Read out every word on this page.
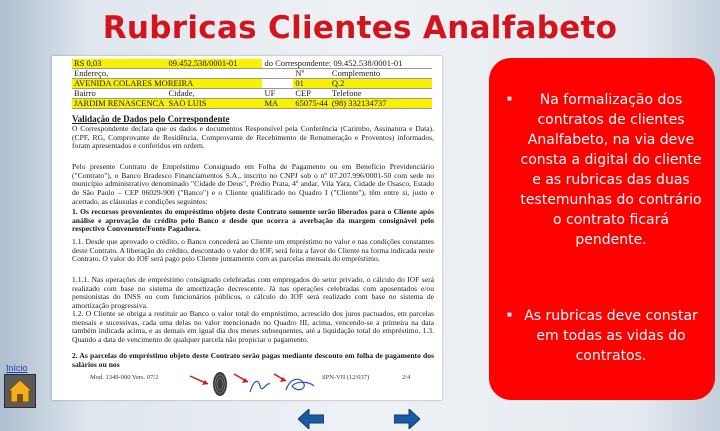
Rubricas Clientes Analfabeto
RS 0,03	09.452.538/0001-01	do Correspondente: 09.452.538/0001-01		
Endereço,			Nº	Complemento
AVENIDA COLARES MOREIRA			01	Q.2
Bairro	Cidade,	UF	CEP	Telefone
JARDIM RENASCENCA	SAO LUIS	MA	65075-44	(98) 332134737
Validação de Dados pelo Correspondente
O Correspondente declara que os dados e documentos Responsível pela Conferência (Carimbo, Assinatura e Data). (CPF, RG, Comprovante de Residência, Comprovante de Recebimento de Renumeração e Proventos) informados, foram apresentados e conferidos em ordem.
Pelo presente Contrato de Empréstimo Consignado em Folha de Pagamento ou em Benefício Previdenciário ("Contrato"), o Banco Bradesco Financiamentos S.A., inscrito no CNPJ sob o nº 07.207.996/0001-50 com sede no município administrativo denominado "Cidade de Deus", Prédio Prata, 4º andar, Vila Yara, Cidade de Osasco, Estado de São Paulo – CEP 06029-900 ("Banco") e o Cliente qualificado no Quadro I ("Cliente"), têm entre si, justo e acertado, as cláusulas e condições seguintes:
1. Os recursos provenientes do empréstimo objeto deste Contrato somente serão liberados para o Cliente após análise e aprovação do crédito pelo Banco e desde que ocorra a averbação da margem consignável pelo respectivo Convenente/Fonte Pagadora.
1.1. Desde que aprovado o crédito, o Banco concederá ao Cliente um empréstimo no valor e nas condições constantes deste Contrato. A liberação do crédito, descontado o valor do IOF, será feita a favor do Cliente na forma indicada neste Contrato. O valor do IOF será pago pelo Cliente juntamente com as parcelas mensais do empréstimo.
1.1.1. Nas operações de empréstimo consignado celebradas com empregados do setor privado, o cálculo do IOF será realizado com base no sistema de amortização decrescente. Já nas operações celebradas com aposentados e/ou pensionistas do INSS ou com funcionários públicos, o cálculo do IOF será realizado com base no sistema de amortização progressiva.
1.2. O Cliente se obriga a restituir ao Banco o valor total do empréstimo, acrescido dos juros pactuados, em parcelas mensais e sucessivas, cada uma delas no valor mencionado no Quadro III, acima, vencendo-se a primeira na data também indicada acima, e as demais em igual dia dos meses subsequentes, até a liquidação total do empréstimo. 1.3. Quando a data de vencimento de qualquer parcela não propiciar o pagamento.
2. As parcelas do empréstimo objeto deste Contrato serão pagas mediante desconto em folha de pagamento dos salários ou nos
Mod. 1349-000 Vers. 07/2	SPN-VII (12/037)	2/4
■	Na formalização dos contratos de clientes Analfabeto, na via deve consta a digital do cliente e as rubricas das duas testemunhas do contrário o contrato ficará pendente.
■ As rubricas deve constar em todas as vidas do contratos.
Início
